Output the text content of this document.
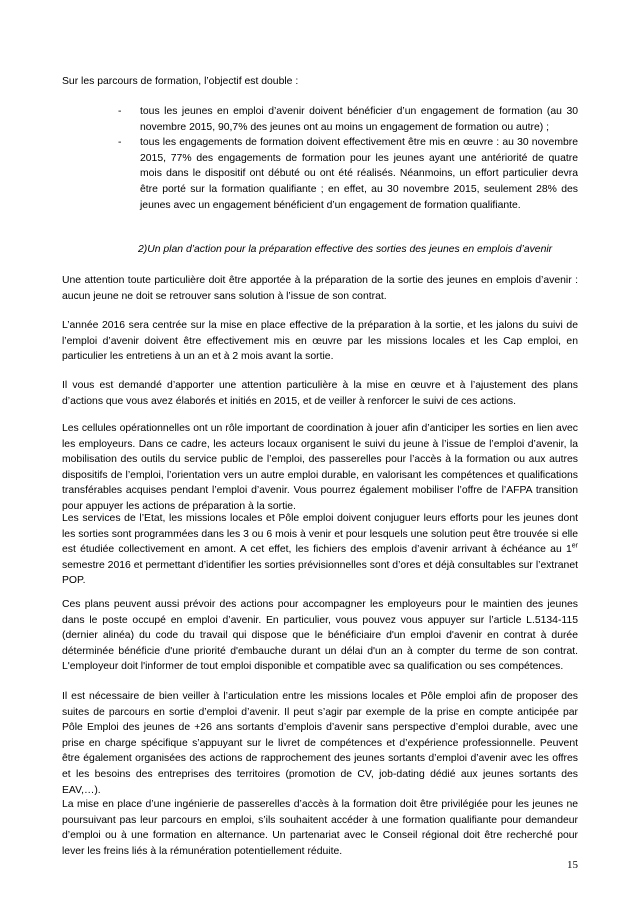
Sur les parcours de formation, l’objectif est double :

- tous les jeunes en emploi d’avenir doivent bénéficier d’un engagement de formation (au 30 novembre 2015, 90,7% des jeunes ont au moins un engagement de formation ou autre) ;
- tous les engagements de formation doivent effectivement être mis en œuvre : au 30 novembre 2015, 77% des engagements de formation pour les jeunes ayant une antériorité de quatre mois dans le dispositif ont débuté ou ont été réalisés. Néanmoins, un effort particulier devra être porté sur la formation qualifiante ; en effet, au 30 novembre 2015, seulement 28% des jeunes avec un engagement bénéficient d’un engagement de formation qualifiante.

2)Un plan d’action pour la préparation effective des sorties des jeunes en emplois d’avenir

Une attention toute particulière doit être apportée à la préparation de la sortie des jeunes en emplois d’avenir : aucun jeune ne doit se retrouver sans solution à l’issue de son contrat.

L’année 2016 sera centrée sur la mise en place effective de la préparation à la sortie, et les jalons du suivi de l’emploi d’avenir doivent être effectivement mis en œuvre par les missions locales et les Cap emploi, en particulier les entretiens à un an et à 2 mois avant la sortie.

Il vous est demandé d’apporter une attention particulière à la mise en œuvre et à l’ajustement des plans d’actions que vous avez élaborés et initiés en 2015, et de veiller à renforcer le suivi de ces actions.

Les cellules opérationnelles ont un rôle important de coordination à jouer afin d’anticiper les sorties en lien avec les employeurs. Dans ce cadre, les acteurs locaux organisent le suivi du jeune à l’issue de l’emploi d’avenir, la mobilisation des outils du service public de l’emploi, des passerelles pour l’accès à la formation ou aux autres dispositifs de l’emploi, l’orientation vers un autre emploi durable, en valorisant les compétences et qualifications transférables acquises pendant l’emploi d’avenir. Vous pourrez également mobiliser l’offre de l’AFPA transition pour appuyer les actions de préparation à la sortie.

Les services de l’Etat, les missions locales et Pôle emploi doivent conjuguer leurs efforts pour les jeunes dont les sorties sont programmées dans les 3 ou 6 mois à venir et pour lesquels une solution peut être trouvée si elle est étudiée collectivement en amont. A cet effet, les fichiers des emplois d’avenir arrivant à échéance au 1er semestre 2016 et permettant d’identifier les sorties prévisionnelles sont d’ores et déjà consultables sur l’extranet POP.

Ces plans peuvent aussi prévoir des actions pour accompagner les employeurs pour le maintien des jeunes dans le poste occupé en emploi d’avenir. En particulier, vous pouvez vous appuyer sur l’article L.5134-115 (dernier alinéa) du code du travail qui dispose que le bénéficiaire d'un emploi d'avenir en contrat à durée déterminée bénéficie d'une priorité d'embauche durant un délai d'un an à compter du terme de son contrat. L'employeur doit l'informer de tout emploi disponible et compatible avec sa qualification ou ses compétences.

Il est nécessaire de bien veiller à l’articulation entre les missions locales et Pôle emploi afin de proposer des suites de parcours en sortie d’emploi d’avenir. Il peut s’agir par exemple de la prise en compte anticipée par Pôle Emploi des jeunes de +26 ans sortants d’emplois d’avenir sans perspective d’emploi durable, avec une prise en charge spécifique s’appuyant sur le livret de compétences et d’expérience professionnelle. Peuvent être également organisées des actions de rapprochement des jeunes sortants d’emploi d’avenir avec les offres et les besoins des entreprises des territoires (promotion de CV, job-dating dédié aux jeunes sortants des EAV,…).

La mise en place d’une ingénierie de passerelles d’accès à la formation doit être privilégiée pour les jeunes ne poursuivant pas leur parcours en emploi, s’ils souhaitent accéder à une formation qualifiante pour demandeur d’emploi ou à une formation en alternance. Un partenariat avec le Conseil régional doit être recherché pour lever les freins liés à la rémunération potentiellement réduite.

15
